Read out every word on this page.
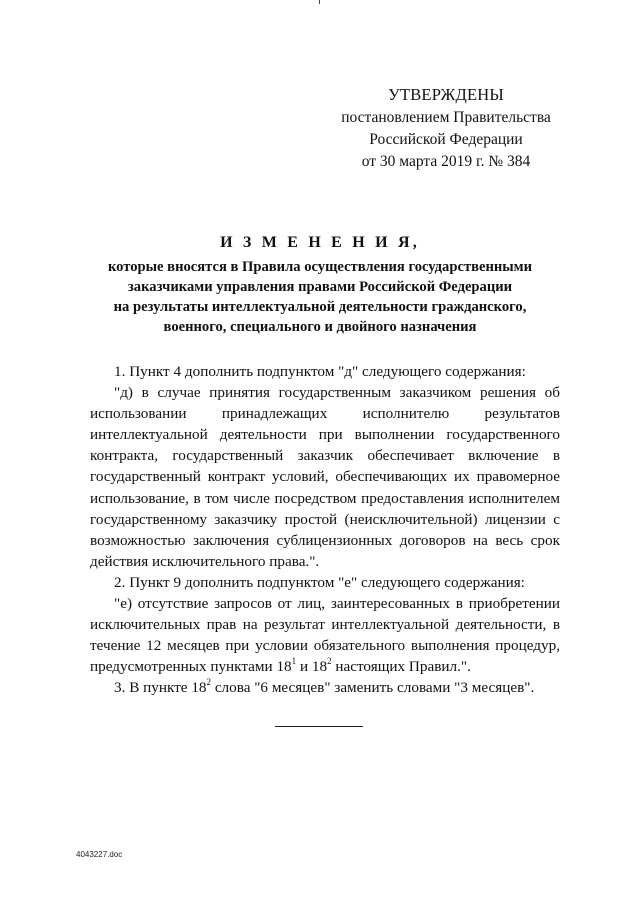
УТВЕРЖДЕНЫ
постановлением Правительства
Российской Федерации
от 30 марта 2019 г. № 384
И З М Е Н Е Н И Я,
которые вносятся в Правила осуществления государственными
заказчиками управления правами Российской Федерации
на результаты интеллектуальной деятельности гражданского,
военного, специального и двойного назначения

1. Пункт 4 дополнить подпунктом "д" следующего содержания:

"д) в случае принятия государственным заказчиком решения об использовании принадлежащих исполнителю результатов интеллектуальной деятельности при выполнении государственного контракта, государственный заказчик обеспечивает включение в государственный контракт условий, обеспечивающих их правомерное использование, в том числе посредством предоставления исполнителем государственному заказчику простой (неисключительной) лицензии с возможностью заключения сублицензионных договоров на весь срок действия исключительного права.".

2. Пункт 9 дополнить подпунктом "е" следующего содержания:

"е) отсутствие запросов от лиц, заинтересованных в приобретении исключительных прав на результат интеллектуальной деятельности, в течение 12 месяцев при условии обязательного выполнения процедур, предусмотренных пунктами $18^1$ и $18^2$ настоящих Правил.".

3. В пункте $18^2$ слова "6 месяцев" заменить словами "3 месяцев".

4043227.doc
